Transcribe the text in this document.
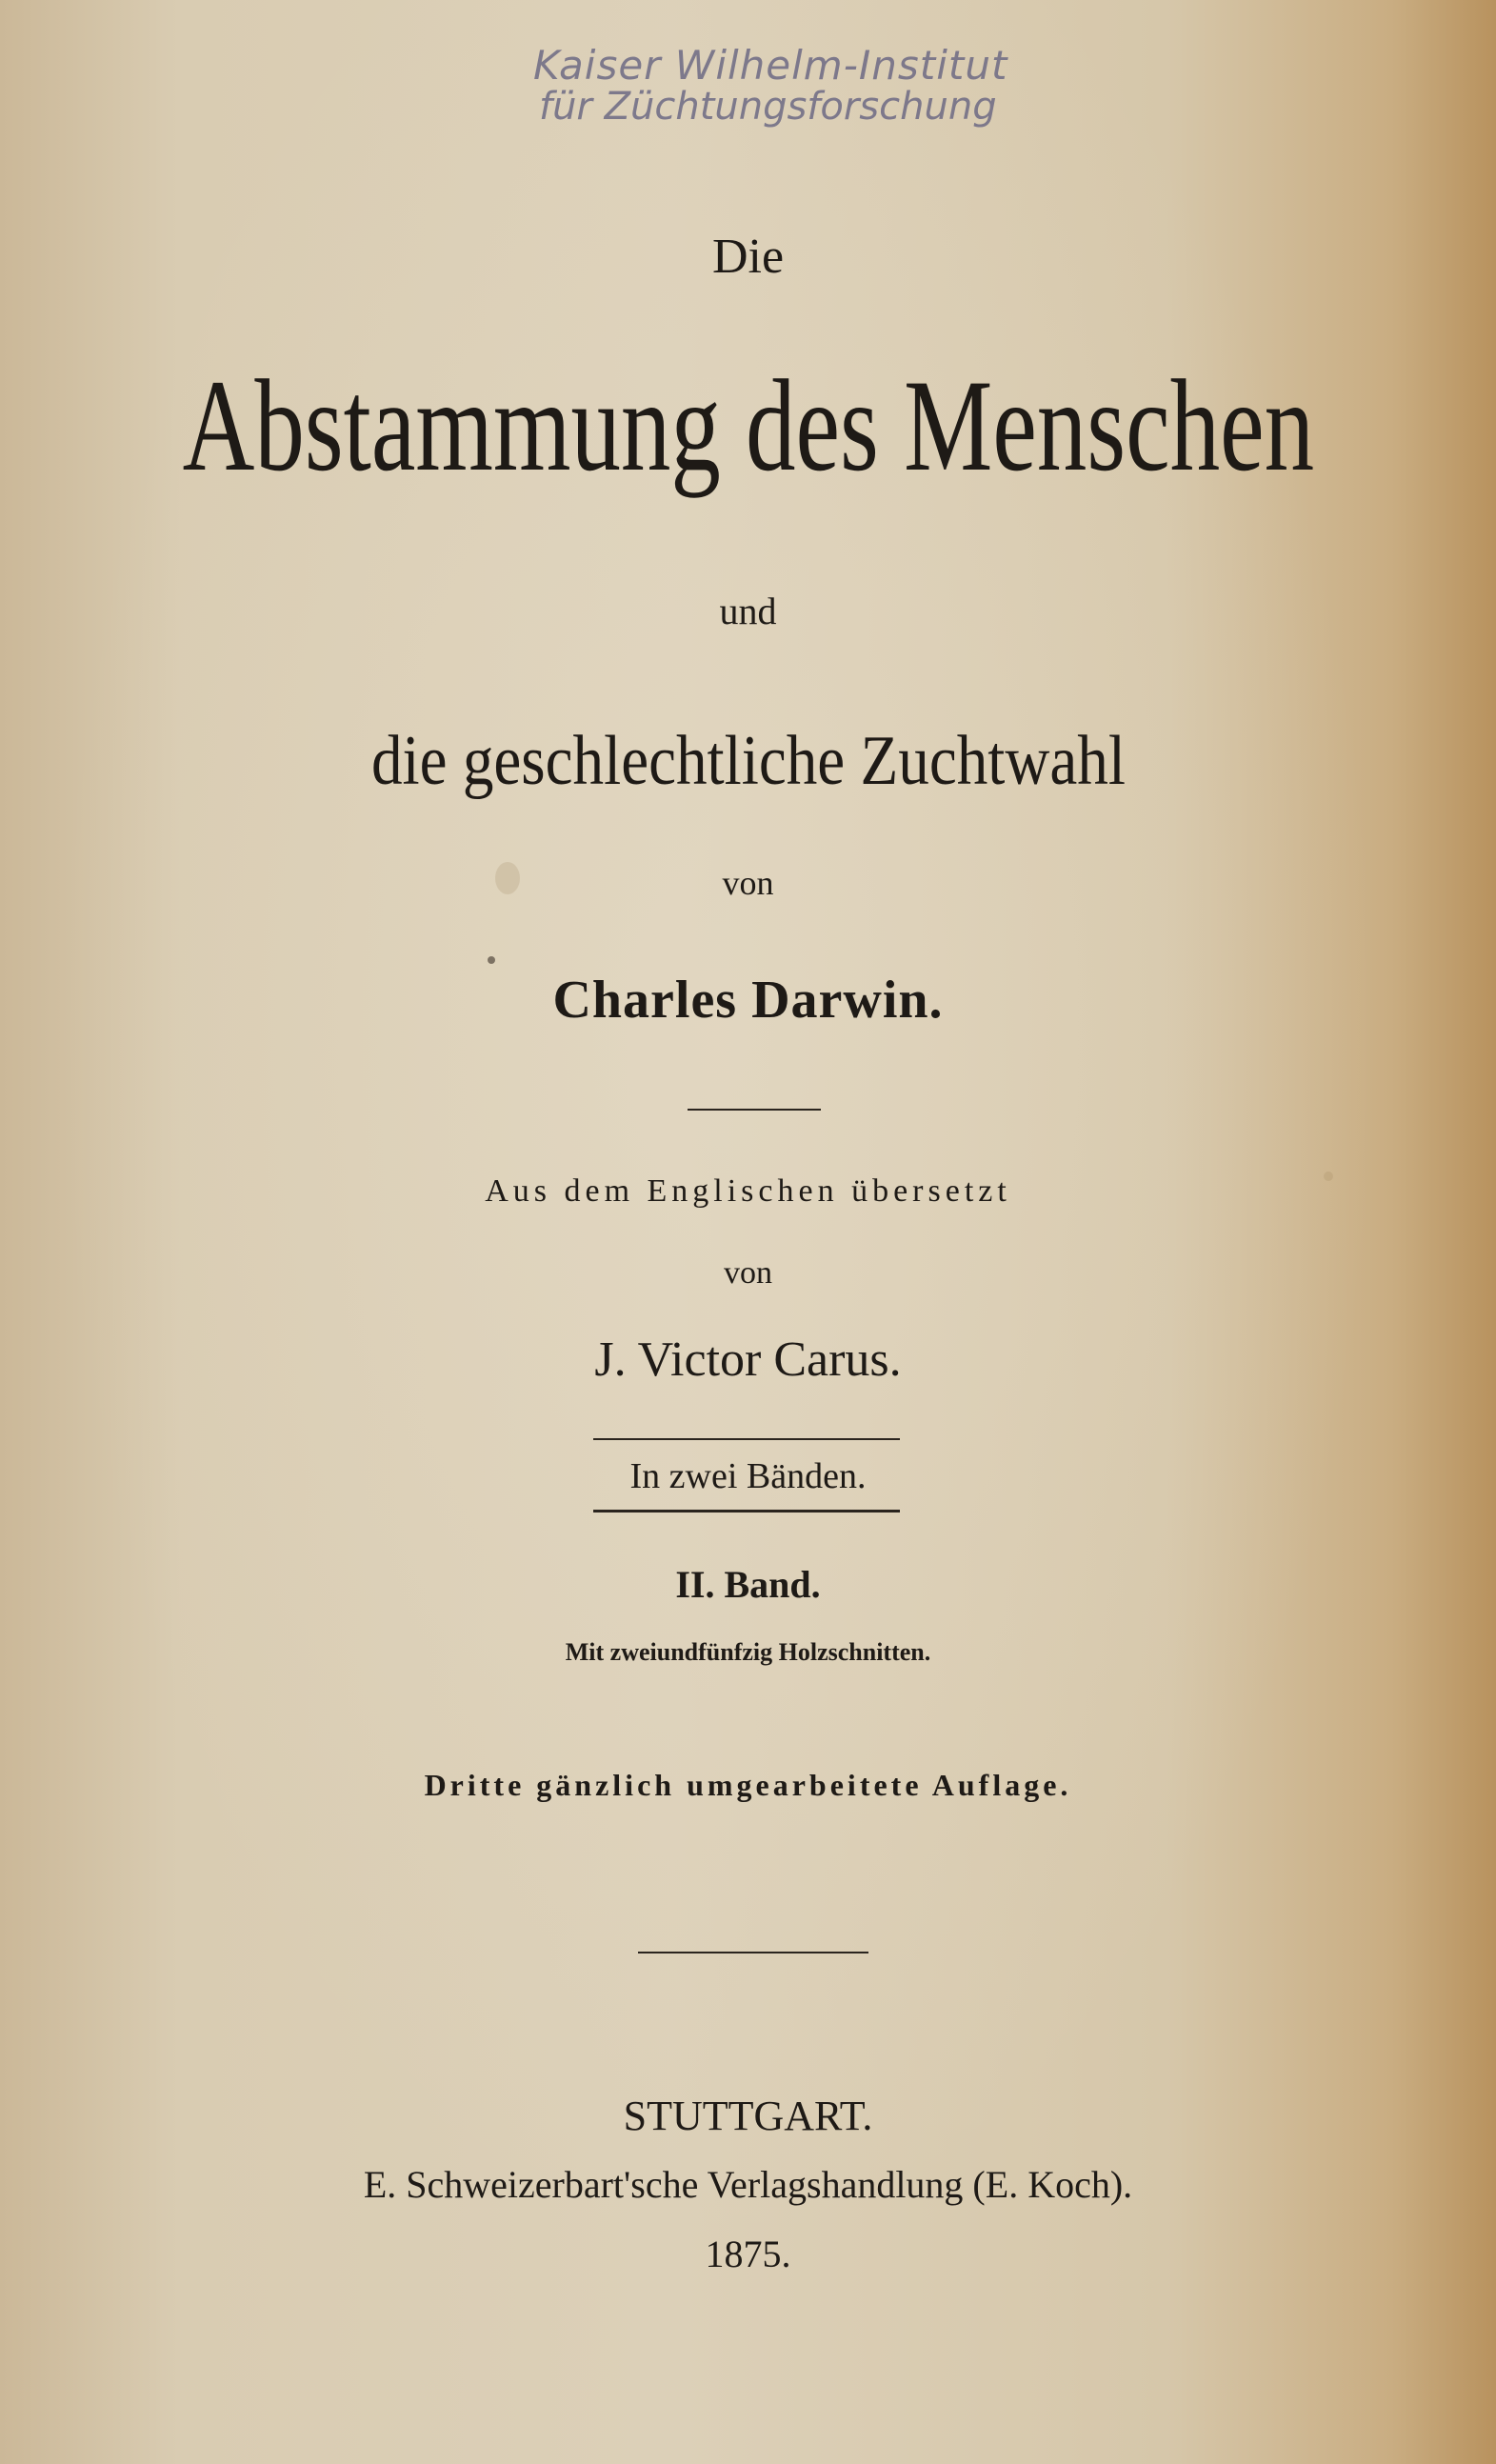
Kaiser Wilhelm-Institut
für Züchtungsforschung
Die
Abstammung des Menschen
und
die geschlechtliche Zuchtwahl
von
Charles Darwin.
Aus dem Englischen übersetzt
von
J. Victor Carus.
In zwei Bänden.
II. Band.
Mit zweiundfünfzig Holzschnitten.
Dritte gänzlich umgearbeitete Auflage.
STUTTGART.
E. Schweizerbart'sche Verlagshandlung (E. Koch).
1875.
